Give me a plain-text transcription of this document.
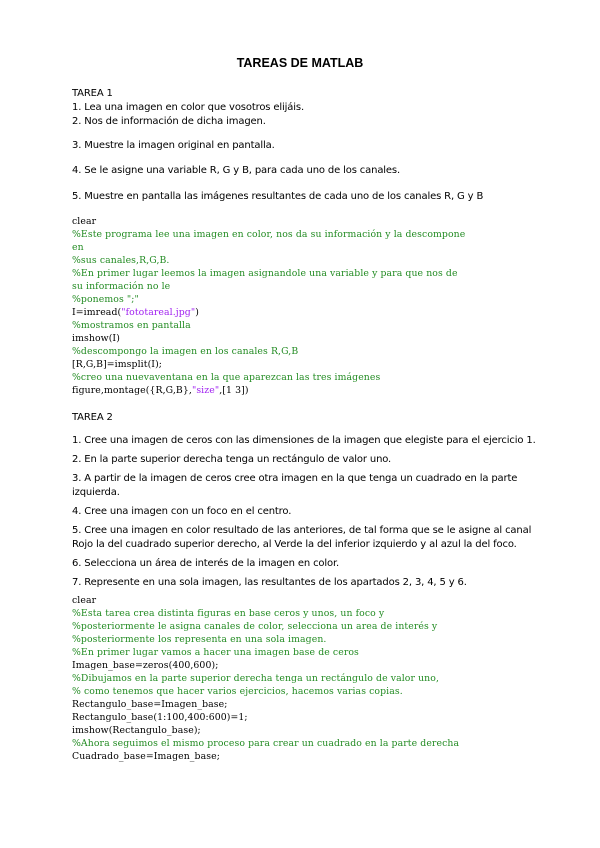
TAREAS DE MATLAB
TAREA 1
1. Lea una imagen en color que vosotros elijáis.
2. Nos de información de dicha imagen.
3. Muestre la imagen original en pantalla.
4. Se le asigne una variable R, G y B, para cada uno de los canales.
5. Muestre en pantalla las imágenes resultantes de cada uno de los canales R, G y B
clear
%Este programa lee una imagen en color, nos da su información y la descompone
en
%sus canales,R,G,B.
%En primer lugar leemos la imagen asignandole una variable y para que nos de
su información no le
%ponemos ";"
I=imread("fototareal.jpg")
%mostramos en pantalla
imshow(I)
%descompongo la imagen en los canales R,G,B
[R,G,B]=imsplit(I);
%creo una nuevaventana en la que aparezcan las tres imágenes
figure,montage({R,G,B},"size",[1 3])
TAREA 2
1. Cree una imagen de ceros con las dimensiones de la imagen que elegiste para el ejercicio 1.
2. En la parte superior derecha tenga un rectángulo de valor uno.
3. A partir de la imagen de ceros cree otra imagen en la que tenga un cuadrado en la parte
izquierda.
4. Cree una imagen con un foco en el centro.
5. Cree una imagen en color resultado de las anteriores, de tal forma que se le asigne al canal
Rojo la del cuadrado superior derecho, al Verde la del inferior izquierdo y al azul la del foco.
6. Selecciona un área de interés de la imagen en color.
7. Represente en una sola imagen, las resultantes de los apartados 2, 3, 4, 5 y 6.
clear
%Esta tarea crea distinta figuras en base ceros y unos, un foco y
%posteriormente le asigna canales de color, selecciona un area de interés y
%posteriormente los representa en una sola imagen.
%En primer lugar vamos a hacer una imagen base de ceros
Imagen_base=zeros(400,600);
%Dibujamos en la parte superior derecha tenga un rectángulo de valor uno,
% como tenemos que hacer varios ejercicios, hacemos varias copias.
Rectangulo_base=Imagen_base;
Rectangulo_base(1:100,400:600)=1;
imshow(Rectangulo_base);
%Ahora seguimos el mismo proceso para crear un cuadrado en la parte derecha
Cuadrado_base=Imagen_base;
